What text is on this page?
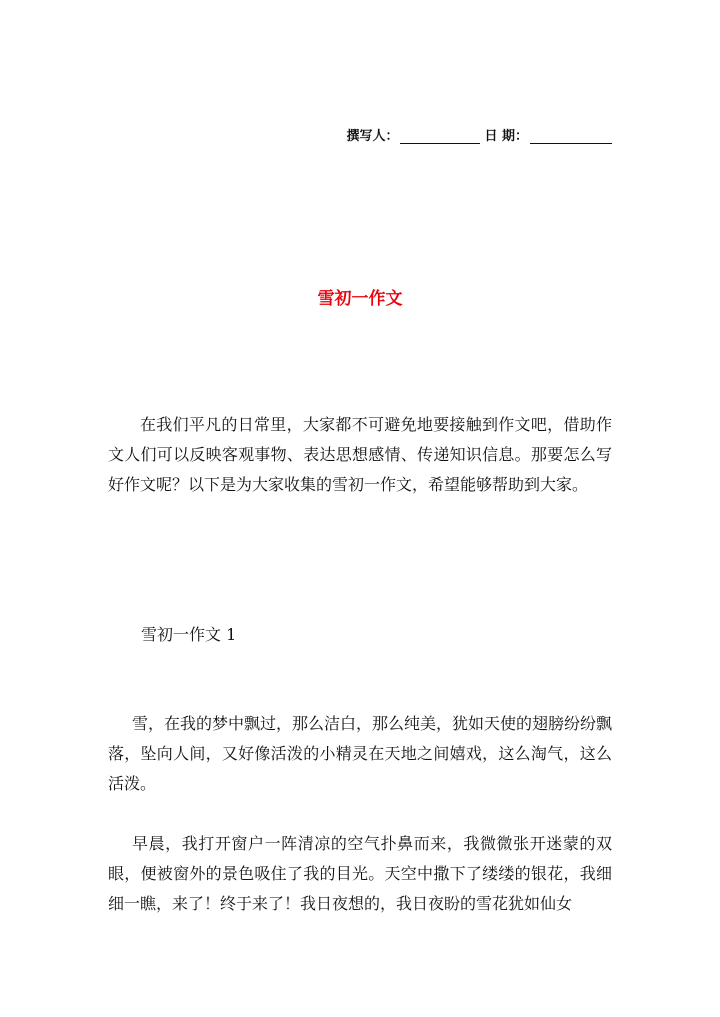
撰写人：	日 期：
雪初一作文

在我们平凡的日常里，大家都不可避免地要接触到作文吧，借助作文人们可以反映客观事物、表达思想感情、传递知识信息。那要怎么写好作文呢？以下是为大家收集的雪初一作文，希望能够帮助到大家。

雪初一作文 1

雪，在我的梦中飘过，那么洁白，那么纯美，犹如天使的翅膀纷纷飘落，坠向人间，又好像活泼的小精灵在天地之间嬉戏，这么淘气，这么活泼。

早晨，我打开窗户一阵清凉的空气扑鼻而来，我微微张开迷蒙的双眼，便被窗外的景色吸住了我的目光。天空中撒下了缕缕的银花，我细细一瞧，来了！终于来了！我日夜想的，我日夜盼的雪花犹如仙女
